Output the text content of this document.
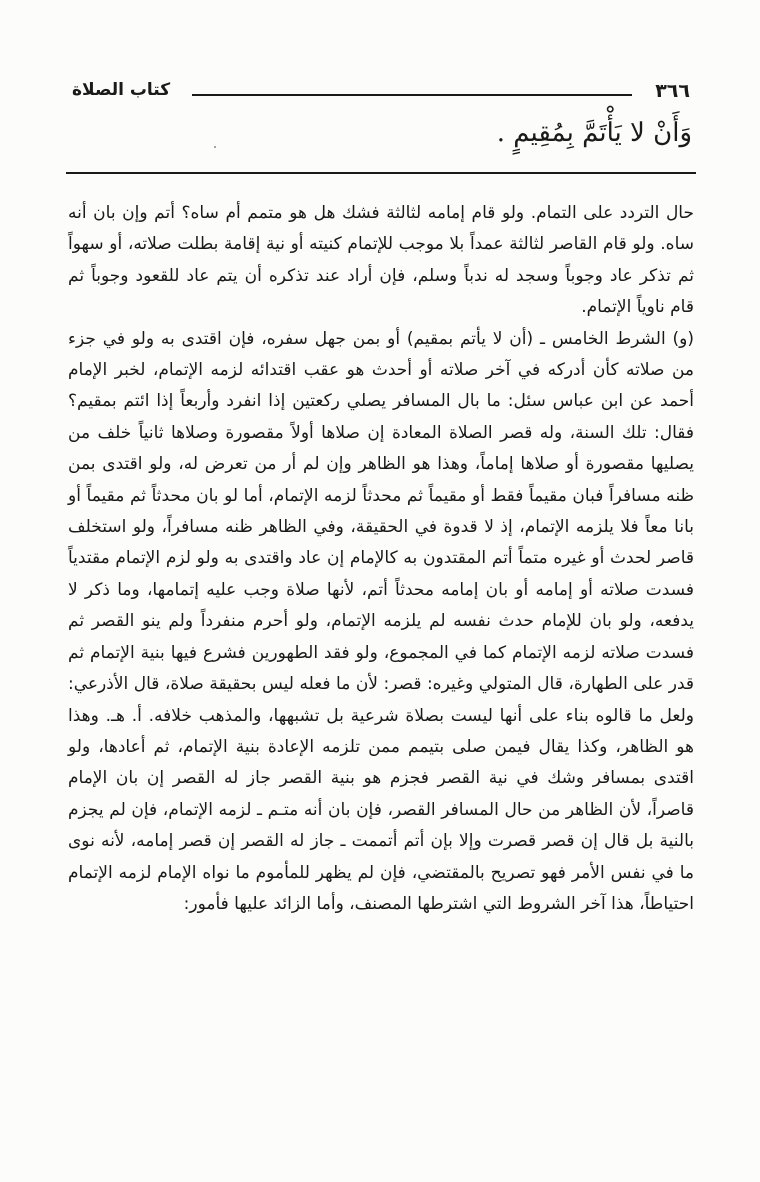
٣٦٦
كتاب الصلاة
وَأَنْ لا يَأْتَمَّ بِمُقِيمٍ .

حال التردد على التمام. ولو قام إمامه لثالثة فشك هل هو متمم أم ساه؟ أتم وإن بان أنه ساه. ولو قام القاصر لثالثة عمداً بلا موجب للإتمام كنيته أو نية إقامة بطلت صلاته، أو سهواً ثم تذكر عاد وجوباً وسجد له ندباً وسلم، فإن أراد عند تذكره أن يتم عاد للقعود وجوباً ثم قام ناوياً الإتمام.

(و) الشرط الخامس ـ (أن لا يأتم بمقيم) أو بمن جهل سفره، فإن اقتدى به ولو في جزء من صلاته كأن أدركه في آخر صلاته أو أحدث هو عقب اقتدائه لزمه الإتمام، لخبر الإمام أحمد عن ابن عباس سئل: ما بال المسافر يصلي ركعتين إذا انفرد وأربعاً إذا ائتم بمقيم؟ فقال: تلك السنة، وله قصر الصلاة المعادة إن صلاها أولاً مقصورة وصلاها ثانياً خلف من يصليها مقصورة أو صلاها إماماً، وهذا هو الظاهر وإن لم أر من تعرض له، ولو اقتدى بمن ظنه مسافراً فبان مقيماً فقط أو مقيماً ثم محدثاً لزمه الإتمام، أما لو بان محدثاً ثم مقيماً أو بانا معاً فلا يلزمه الإتمام، إذ لا قدوة في الحقيقة، وفي الظاهر ظنه مسافراً، ولو استخلف قاصر لحدث أو غيره متماً أتم المقتدون به كالإمام إن عاد واقتدى به ولو لزم الإتمام مقتدياً فسدت صلاته أو إمامه أو بان إمامه محدثاً أتم، لأنها صلاة وجب عليه إتمامها، وما ذكر لا يدفعه، ولو بان للإمام حدث نفسه لم يلزمه الإتمام، ولو أحرم منفرداً ولم ينو القصر ثم فسدت صلاته لزمه الإتمام كما في المجموع، ولو فقد الطهورين فشرع فيها بنية الإتمام ثم قدر على الطهارة، قال المتولي وغيره: قصر: لأن ما فعله ليس بحقيقة صلاة، قال الأذرعي: ولعل ما قالوه بناء على أنها ليست بصلاة شرعية بل تشبهها، والمذهب خلافه. أ. هـ. وهذا هو الظاهر، وكذا يقال فيمن صلى بتيمم ممن تلزمه الإعادة بنية الإتمام، ثم أعادها، ولو اقتدى بمسافر وشك في نية القصر فجزم هو بنية القصر جاز له القصر إن بان الإمام قاصراً، لأن الظاهر من حال المسافر القصر، فإن بان أنه متـم ـ لزمه الإتمام، فإن لم يجزم بالنية بل قال إن قصر قصرت وإلا بإن أتم أتممت ـ جاز له القصر إن قصر إمامه، لأنه نوى ما في نفس الأمر فهو تصريح بالمقتضي، فإن لم يظهر للمأموم ما نواه الإمام لزمه الإتمام احتياطاً، هذا آخر الشروط التي اشترطها المصنف، وأما الزائد عليها فأمور:
